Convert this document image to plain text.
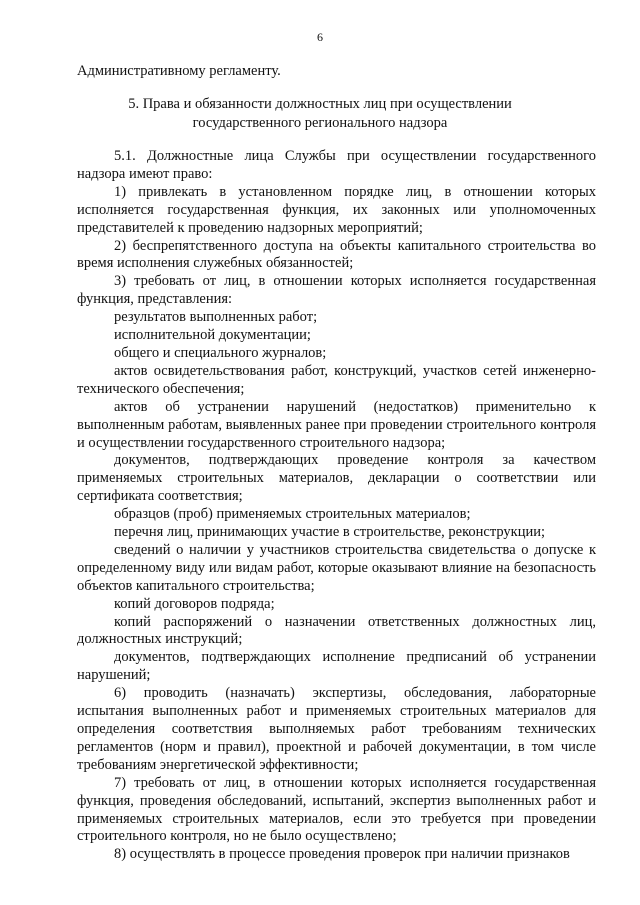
6
Административному регламенту.
5. Права и обязанности должностных лиц при осуществлении
государственного регионального надзора

5.1. Должностные лица Службы при осуществлении государственного надзора имеют право:

1) привлекать в установленном порядке лиц, в отношении которых исполняется государственная функция, их законных или уполномоченных представителей к проведению надзорных мероприятий;

2) беспрепятственного доступа на объекты капитального строительства во время исполнения служебных обязанностей;

3) требовать от лиц, в отношении которых исполняется государственная функция, представления:

результатов выполненных работ;

исполнительной документации;

общего и специального журналов;

актов освидетельствования работ, конструкций, участков сетей инженерно-технического обеспечения;

актов об устранении нарушений (недостатков) применительно к выполненным работам, выявленных ранее при проведении строительного контроля и осуществлении государственного строительного надзора;

документов, подтверждающих проведение контроля за качеством применяемых строительных материалов, декларации о соответствии или сертификата соответствия;

образцов (проб) применяемых строительных материалов;

перечня лиц, принимающих участие в строительстве, реконструкции;

сведений о наличии у участников строительства свидетельства о допуске к определенному виду или видам работ, которые оказывают влияние на безопасность объектов капитального строительства;

копий договоров подряда;

копий распоряжений о назначении ответственных должностных лиц, должностных инструкций;

документов, подтверждающих исполнение предписаний об устранении нарушений;

6) проводить (назначать) экспертизы, обследования, лабораторные испытания выполненных работ и применяемых строительных материалов для определения соответствия выполняемых работ требованиям технических регламентов (норм и правил), проектной и рабочей документации, в том числе требованиям энергетической эффективности;

7) требовать от лиц, в отношении которых исполняется государственная функция, проведения обследований, испытаний, экспертиз выполненных работ и применяемых строительных материалов, если это требуется при проведении строительного контроля, но не было осуществлено;

8) осуществлять в процессе проведения проверок при наличии признаков
